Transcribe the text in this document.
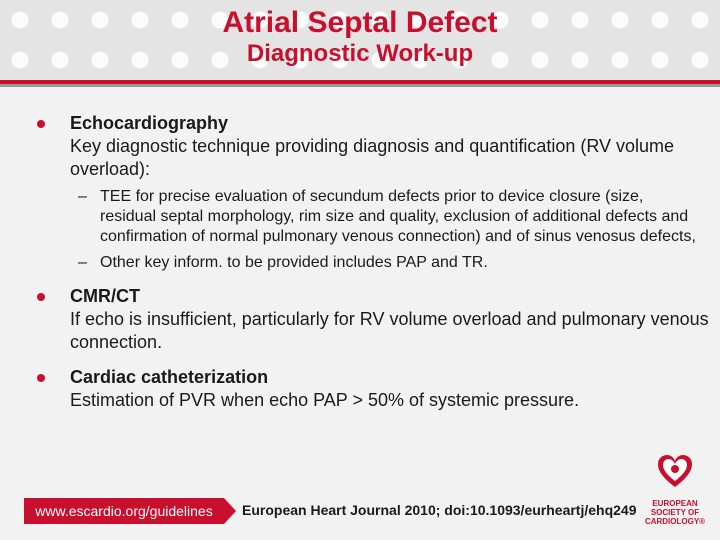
Atrial Septal Defect
Diagnostic Work-up
Echocardiography
Key diagnostic technique providing diagnosis and quantification (RV volume overload):
– TEE for precise evaluation of secundum defects prior to device closure (size, residual septal morphology, rim size and quality, exclusion of additional defects and confirmation of normal pulmonary venous connection) and of sinus venosus defects,
– Other key inform. to be provided includes PAP and TR.
CMR/CT
If echo is insufficient, particularly for RV volume overload and pulmonary venous connection.
Cardiac catheterization
Estimation of PVR when echo PAP > 50% of systemic pressure.
www.escardio.org/guidelines	European Heart Journal 2010; doi:10.1093/eurheartj/ehq249	EUROPEAN
SOCIETY OF
CARDIOLOGY®
